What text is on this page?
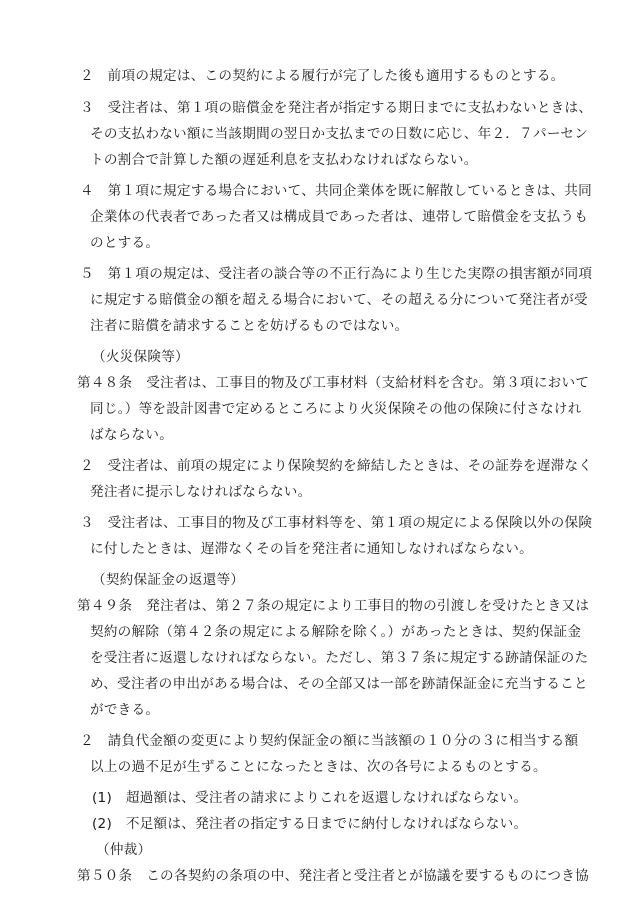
２　前項の規定は、この契約による履行が完了した後も適用するものとする。
３　受注者は、第１項の賠償金を発注者が指定する期日までに支払わないときは、
その支払わない額に当該期間の翌日か支払までの日数に応じ、年２．７パーセン
トの割合で計算した額の遅延利息を支払わなければならない。
４　第１項に規定する場合において、共同企業体を既に解散しているときは、共同
企業体の代表者であった者又は構成員であった者は、連帯して賠償金を支払うも
のとする。
５　第１項の規定は、受注者の談合等の不正行為により生じた実際の損害額が同項
に規定する賠償金の額を超える場合において、その超える分について発注者が受
注者に賠償を請求することを妨げるものではない。
（火災保険等）
第４８条　受注者は、工事目的物及び工事材料（支給材料を含む。第３項において
同じ。）等を設計図書で定めるところにより火災保険その他の保険に付さなけれ
ばならない。
２　受注者は、前項の規定により保険契約を締結したときは、その証券を遅滞なく
発注者に提示しなければならない。
３　受注者は、工事目的物及び工事材料等を、第１項の規定による保険以外の保険
に付したときは、遅滞なくその旨を発注者に通知しなければならない。
（契約保証金の返還等）
第４９条　発注者は、第２７条の規定により工事目的物の引渡しを受けたとき又は
契約の解除（第４２条の規定による解除を除く。）があったときは、契約保証金
を受注者に返還しなければならない。ただし、第３７条に規定する跡請保証のた
め、受注者の申出がある場合は、その全部又は一部を跡請保証金に充当すること
ができる。
２　請負代金額の変更により契約保証金の額に当該額の１０分の３に相当する額
以上の過不足が生ずることになったときは、次の各号によるものとする。
(1)　超過額は、受注者の請求によりこれを返還しなければならない。
(2)　不足額は、発注者の指定する日までに納付しなければならない。
（仲裁）
第５０条　この各契約の条項の中、発注者と受注者とが協議を要するものにつき協
